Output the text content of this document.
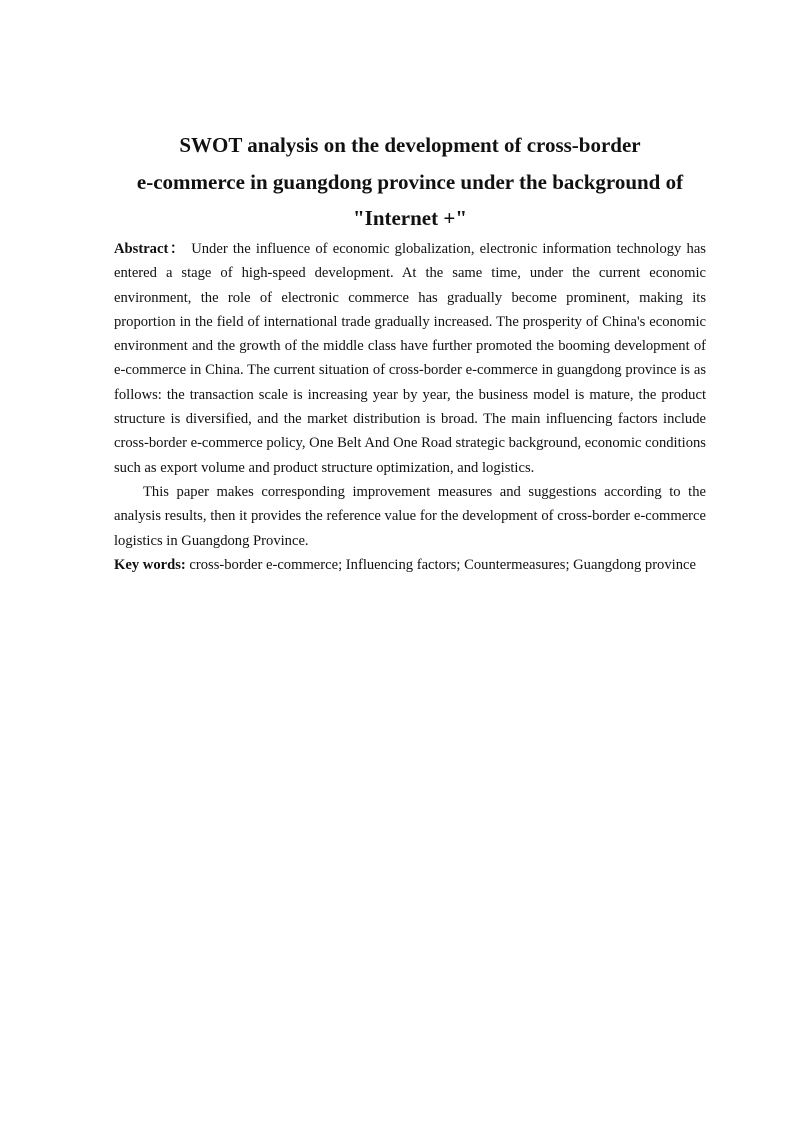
SWOT analysis on the development of cross-border
e-commerce in guangdong province under the background of
"Internet +"

Abstract： Under the influence of economic globalization, electronic information technology has entered a stage of high-speed development. At the same time, under the current economic environment, the role of electronic commerce has gradually become prominent, making its proportion in the field of international trade gradually increased. The prosperity of China's economic environment and the growth of the middle class have further promoted the booming development of e-commerce in China. The current situation of cross-border e-commerce in guangdong province is as follows: the transaction scale is increasing year by year, the business model is mature, the product structure is diversified, and the market distribution is broad. The main influencing factors include cross-border e-commerce policy, One Belt And One Road strategic background, economic conditions such as export volume and product structure optimization, and logistics.

This paper makes corresponding improvement measures and suggestions according to the analysis results, then it provides the reference value for the development of cross-border e-commerce logistics in Guangdong Province.

Key words: cross-border e-commerce; Influencing factors; Countermeasures; Guangdong province
